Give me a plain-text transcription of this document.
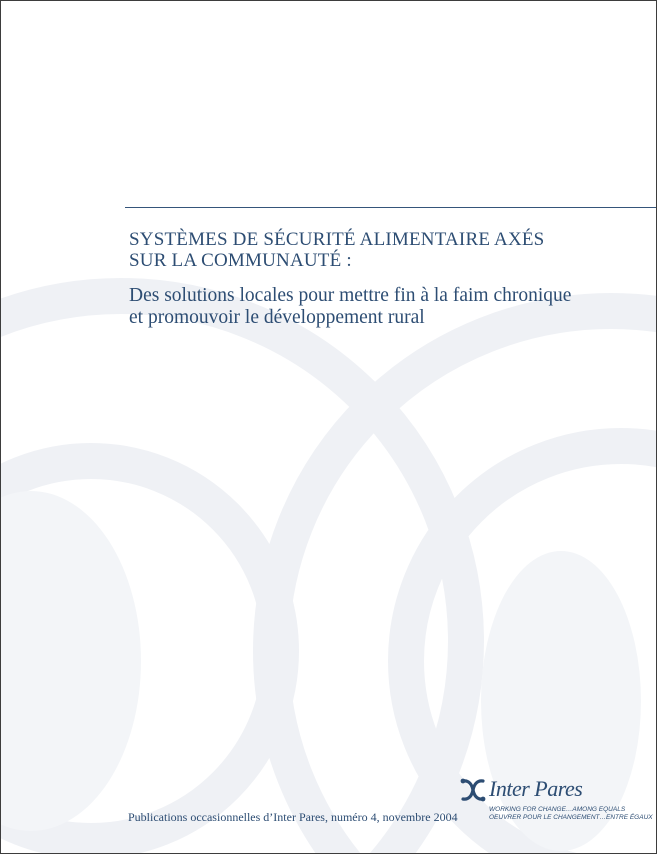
SYSTÈMES DE SÉCURITÉ ALIMENTAIRE AXÉS
SUR LA COMMUNAUTÉ :
Des solutions locales pour mettre fin à la faim chronique
et promouvoir le développement rural
Publications occasionnelles d’Inter Pares, numéro 4, novembre 2004
Inter Pares
WORKING FOR CHANGE…AMONG EQUALS
OEUVRER POUR LE CHANGEMENT…ENTRE ÉGAUX
